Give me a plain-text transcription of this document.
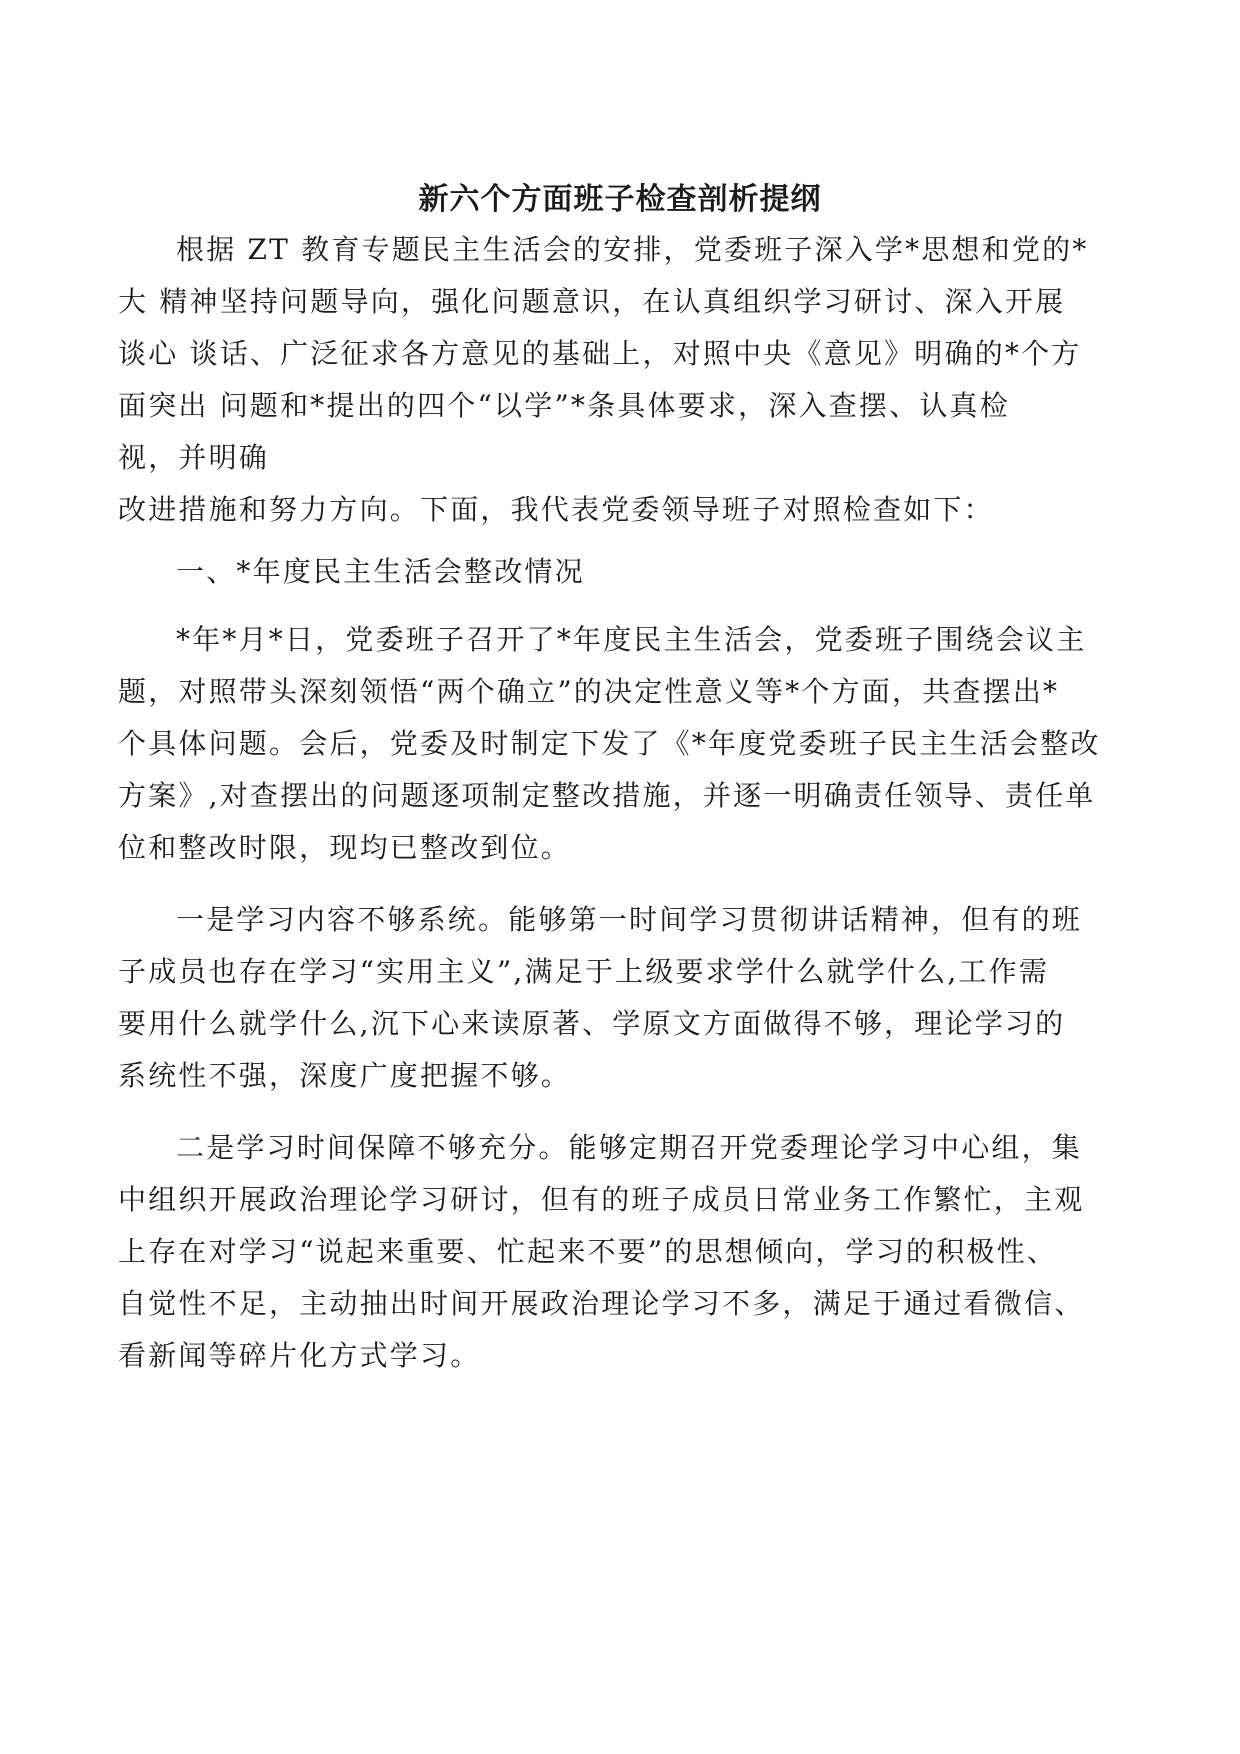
新六个方面班子检查剖析提纲

根据 ZT 教育专题民主生活会的安排，党委班子深入学*思想和党的*

大 精神坚持问题导向，强化问题意识，在认真组织学习研讨、深入开展

谈心 谈话、广泛征求各方意见的基础上，对照中央《意见》明确的*个方

面突出 问题和*提出的四个“以学”*条具体要求，深入查摆、认真检

视，并明确

改进措施和努力方向。下面，我代表党委领导班子对照检查如下：

一、*年度民主生活会整改情况

*年*月*日，党委班子召开了*年度民主生活会，党委班子围绕会议主

题，对照带头深刻领悟“两个确立”的决定性意义等*个方面，共查摆出*

个具体问题。会后，党委及时制定下发了《*年度党委班子民主生活会整改

方案》,对查摆出的问题逐项制定整改措施，并逐一明确责任领导、责任单

位和整改时限，现均已整改到位。

一是学习内容不够系统。能够第一时间学习贯彻讲话精神，但有的班

子成员也存在学习“实用主义”,满足于上级要求学什么就学什么,工作需

要用什么就学什么,沉下心来读原著、学原文方面做得不够，理论学习的

系统性不强，深度广度把握不够。

二是学习时间保障不够充分。能够定期召开党委理论学习中心组，集

中组织开展政治理论学习研讨，但有的班子成员日常业务工作繁忙，主观

上存在对学习“说起来重要、忙起来不要”的思想倾向，学习的积极性、

自觉性不足，主动抽出时间开展政治理论学习不多，满足于通过看微信、

看新闻等碎片化方式学习。
